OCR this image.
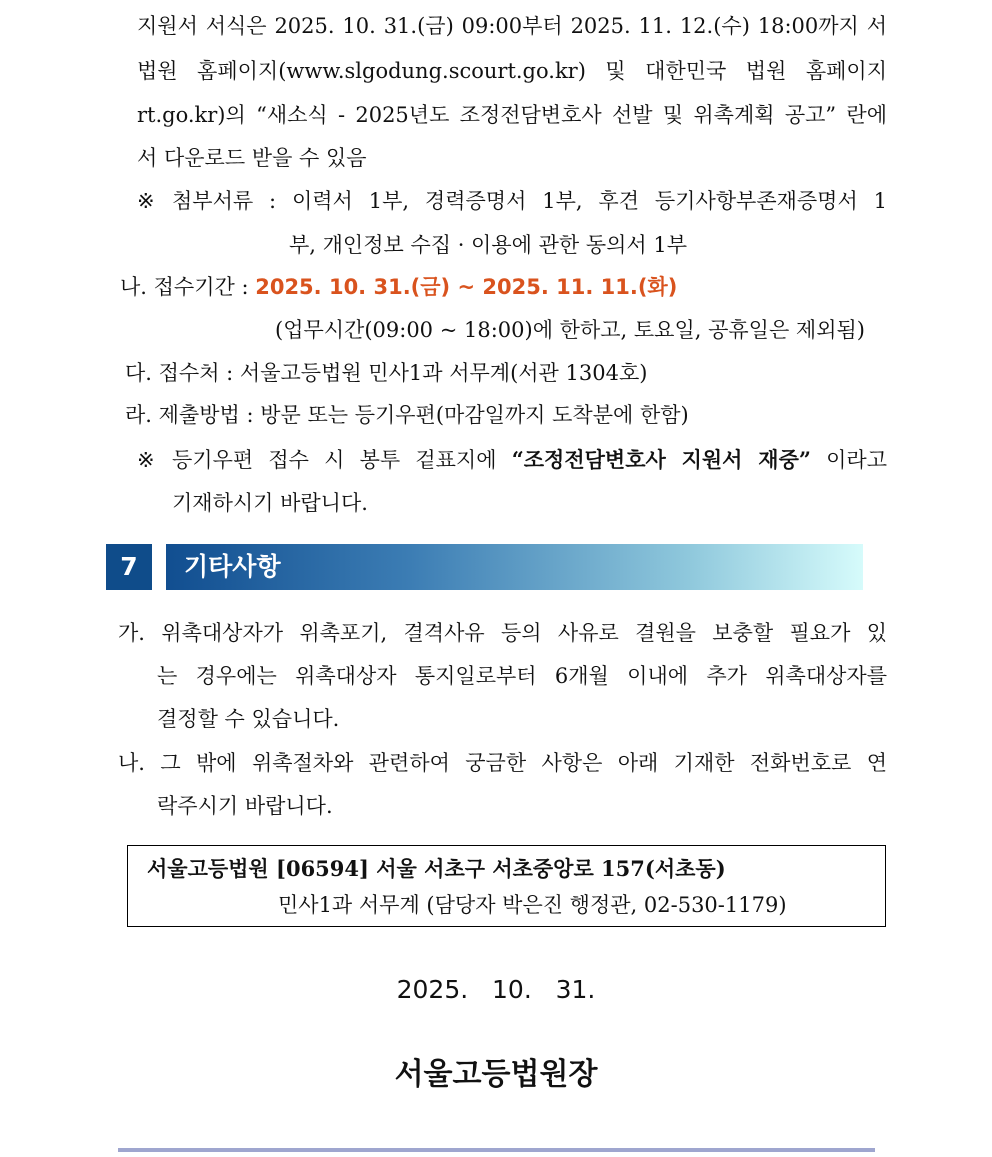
지원서 서식은 2025. 10. 31.(금) 09:00부터 2025. 11. 12.(수) 18:00까지 서
법원 홈페이지(www.slgodung.scourt.go.kr) 및 대한민국 법원 홈페이지
rt.go.kr)의 “새소식 - 2025년도 조정전담변호사 선발 및 위촉계획 공고” 란에
서 다운로드 받을 수 있음
※ 첨부서류 : 이력서 1부, 경력증명서 1부, 후견 등기사항부존재증명서 1
부, 개인정보 수집 · 이용에 관한 동의서 1부
나. 접수기간 : 2025. 10. 31.(금) ~ 2025. 11. 11.(화)
(업무시간(09:00 ~ 18:00)에 한하고, 토요일, 공휴일은 제외됨)
다. 접수처 : 서울고등법원 민사1과 서무계(서관 1304호)
라. 제출방법 : 방문 또는 등기우편(마감일까지 도착분에 한함)
※ 등기우편 접수 시 봉투 겉표지에 “조정전담변호사 지원서 재중” 이라고
기재하시기 바랍니다.
7	기타사항
가. 위촉대상자가 위촉포기, 결격사유 등의 사유로 결원을 보충할 필요가 있
는 경우에는 위촉대상자 통지일로부터 6개월 이내에 추가 위촉대상자를
결정할 수 있습니다.
나. 그 밖에 위촉절차와 관련하여 궁금한 사항은 아래 기재한 전화번호로 연
락주시기 바랍니다.
서울고등법원 [06594] 서울 서초구 서초중앙로 157(서초동)
민사1과 서무계 (담당자 박은진 행정관, 02-530-1179)
2025.   10.   31.
서울고등법원장
